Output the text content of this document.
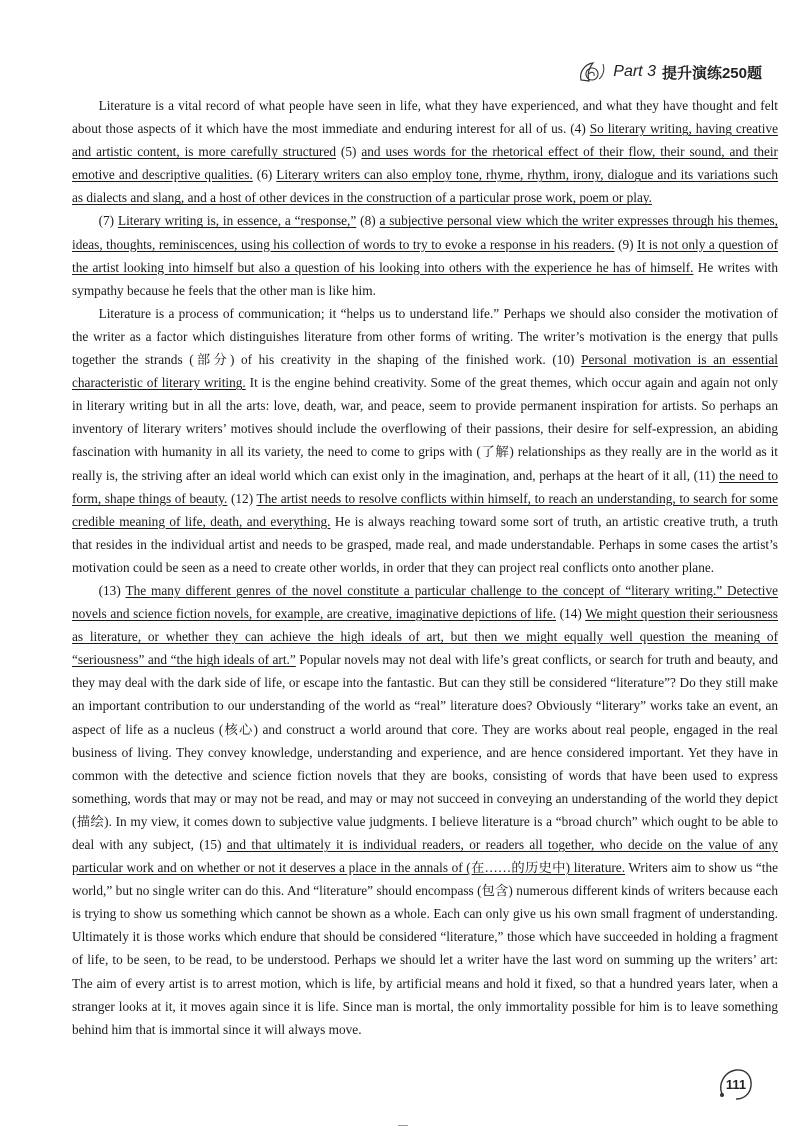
Part 3 提升演练250题

Literature is a vital record of what people have seen in life, what they have experienced, and what they have thought and felt about those aspects of it which have the most immediate and enduring interest for all of us. (4) So literary writing, having creative and artistic content, is more carefully structured (5) and uses words for the rhetorical effect of their flow, their sound, and their emotive and descriptive qualities. (6) Literary writers can also employ tone, rhyme, rhythm, irony, dialogue and its variations such as dialects and slang, and a host of other devices in the construction of a particular prose work, poem or play.

(7) Literary writing is, in essence, a “response,” (8) a subjective personal view which the writer expresses through his themes, ideas, thoughts, reminiscences, using his collection of words to try to evoke a response in his readers. (9) It is not only a question of the artist looking into himself but also a question of his looking into others with the experience he has of himself. He writes with sympathy because he feels that the other man is like him.

Literature is a process of communication; it “helps us to understand life.” Perhaps we should also consider the motivation of the writer as a factor which distinguishes literature from other forms of writing. The writer’s motivation is the energy that pulls together the strands (部分) of his creativity in the shaping of the finished work. (10) Personal motivation is an essential characteristic of literary writing. It is the engine behind creativity. Some of the great themes, which occur again and again not only in literary writing but in all the arts: love, death, war, and peace, seem to provide permanent inspiration for artists. So perhaps an inventory of literary writers’ motives should include the overflowing of their passions, their desire for self-expression, an abiding fascination with humanity in all its variety, the need to come to grips with (了解) relationships as they really are in the world as it really is, the striving after an ideal world which can exist only in the imagination, and, perhaps at the heart of it all, (11) the need to form, shape things of beauty. (12) The artist needs to resolve conflicts within himself, to reach an understanding, to search for some credible meaning of life, death, and everything. He is always reaching toward some sort of truth, an artistic creative truth, a truth that resides in the individual artist and needs to be grasped, made real, and made understandable. Perhaps in some cases the artist’s motivation could be seen as a need to create other worlds, in order that they can project real conflicts onto another plane.

(13) The many different genres of the novel constitute a particular challenge to the concept of “literary writing.” Detective novels and science fiction novels, for example, are creative, imaginative depictions of life. (14) We might question their seriousness as literature, or whether they can achieve the high ideals of art, but then we might equally well question the meaning of “seriousness” and “the high ideals of art.” Popular novels may not deal with life’s great conflicts, or search for truth and beauty, and they may deal with the dark side of life, or escape into the fantastic. But can they still be considered “literature”? Do they still make an important contribution to our understanding of the world as “real” literature does? Obviously “literary” works take an event, an aspect of life as a nucleus (核心) and construct a world around that core. They are works about real people, engaged in the real business of living. They convey knowledge, understanding and experience, and are hence considered important. Yet they have in common with the detective and science fiction novels that they are books, consisting of words that have been used to express something, words that may or may not be read, and may or may not succeed in conveying an understanding of the world they depict (描绘). In my view, it comes down to subjective value judgments. I believe literature is a “broad church” which ought to be able to deal with any subject, (15) and that ultimately it is individual readers, or readers all together, who decide on the value of any particular work and on whether or not it deserves a place in the annals of (在……的历史中) literature. Writers aim to show us “the world,” but no single writer can do this. And “literature” should encompass (包含) numerous different kinds of writers because each is trying to show us something which cannot be shown as a whole. Each can only give us his own small fragment of understanding. Ultimately it is those works which endure that should be considered “literature,” those which have succeeded in holding a fragment of life, to be seen, to be read, to be understood. Perhaps we should let a writer have the last word on summing up the writers’ art: The aim of every artist is to arrest motion, which is life, by artificial means and hold it fixed, so that a hundred years later, when a stranger looks at it, it moves again since it is life. Since man is mortal, the only immortality possible for him is to leave something behind him that is immortal since it will always move.

111
